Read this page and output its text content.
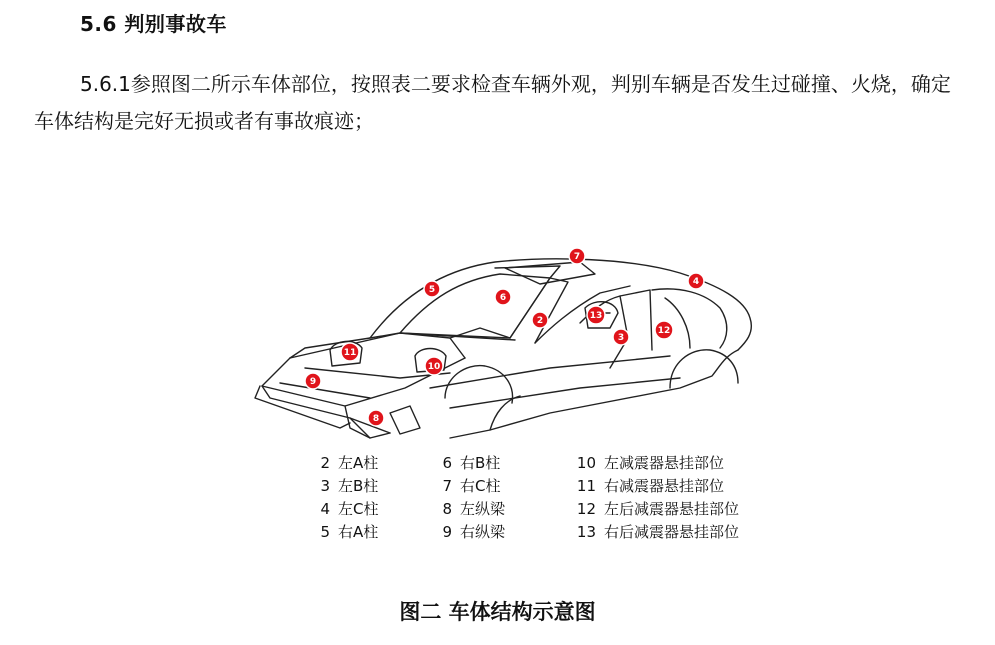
5.6 判别事故车
5.6.1参照图二所示车体部位，按照表二要求检查车辆外观，判别车辆是否发生过碰撞、火烧，确定车体结构是完好无损或者有事故痕迹；
2
3
4
5
6
7
8
9
10
11
12
13
2 左A柱
3 左B柱
4 左C柱
5 右A柱
6 右B柱
7 右C柱
8 左纵梁
9 右纵梁
10 左减震器悬挂部位
11 右减震器悬挂部位
12 左后减震器悬挂部位
13 右后减震器悬挂部位
图二 车体结构示意图
